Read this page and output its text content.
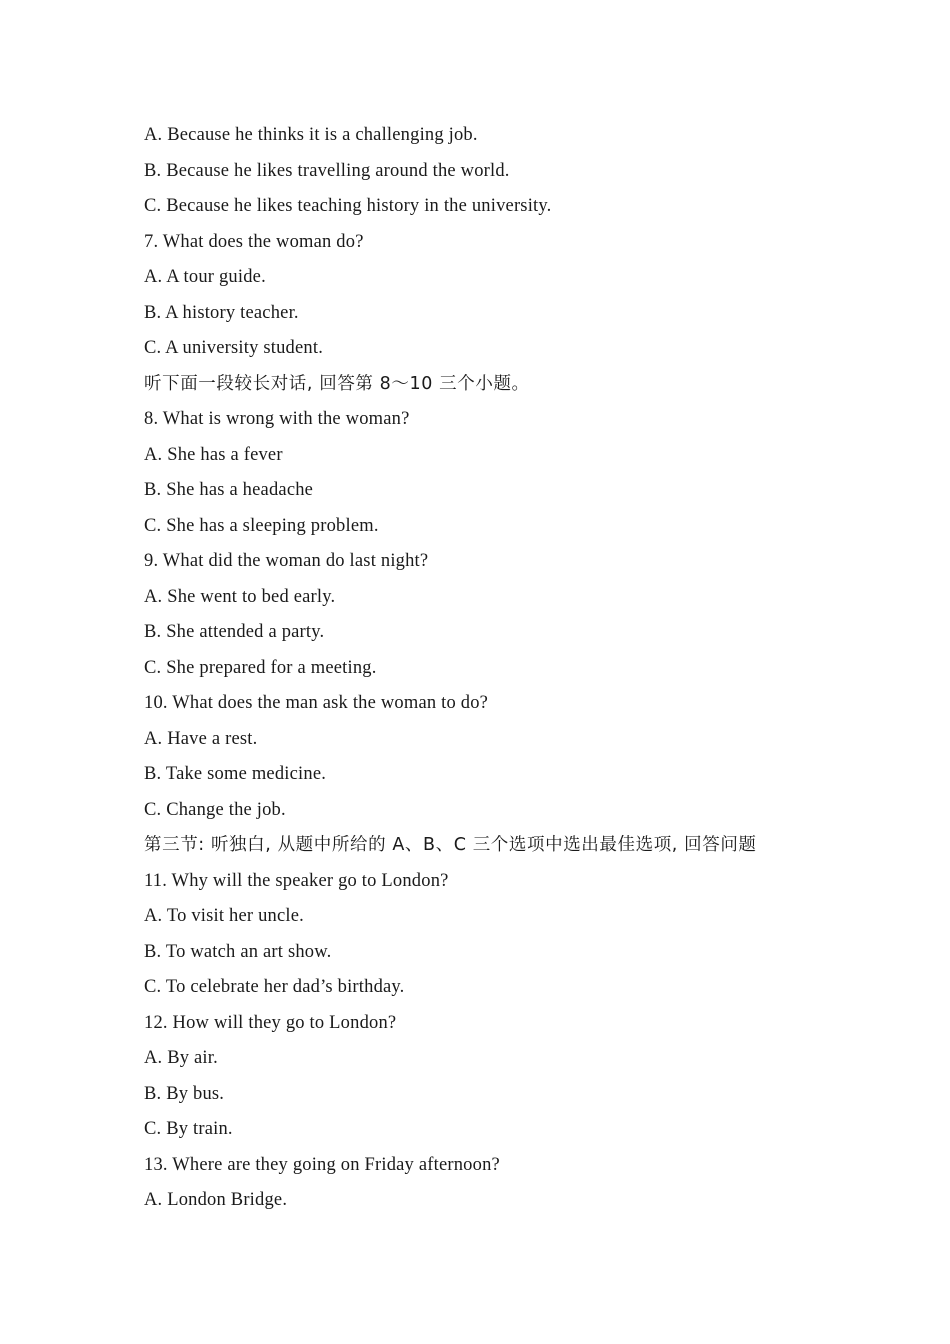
A. Because he thinks it is a challenging job.
B. Because he likes travelling around the world.
C. Because he likes teaching history in the university.
7. What does the woman do?
A. A tour guide.
B. A history teacher.
C. A university student.
听下面一段较长对话, 回答第 8～10 三个小题。
8. What is wrong with the woman?
A. She has a fever
B. She has a headache
C. She has a sleeping problem.
9. What did the woman do last night?
A. She went to bed early.
B. She attended a party.
C. She prepared for a meeting.
10. What does the man ask the woman to do?
A. Have a rest.
B. Take some medicine.
C. Change the job.
第三节: 听独白, 从题中所给的 A、B、C 三个选项中选出最佳选项, 回答问题
11. Why will the speaker go to London?
A. To visit her uncle.
B. To watch an art show.
C. To celebrate her dad’s birthday.
12. How will they go to London?
A. By air.
B. By bus.
C. By train.
13. Where are they going on Friday afternoon?
A. London Bridge.
